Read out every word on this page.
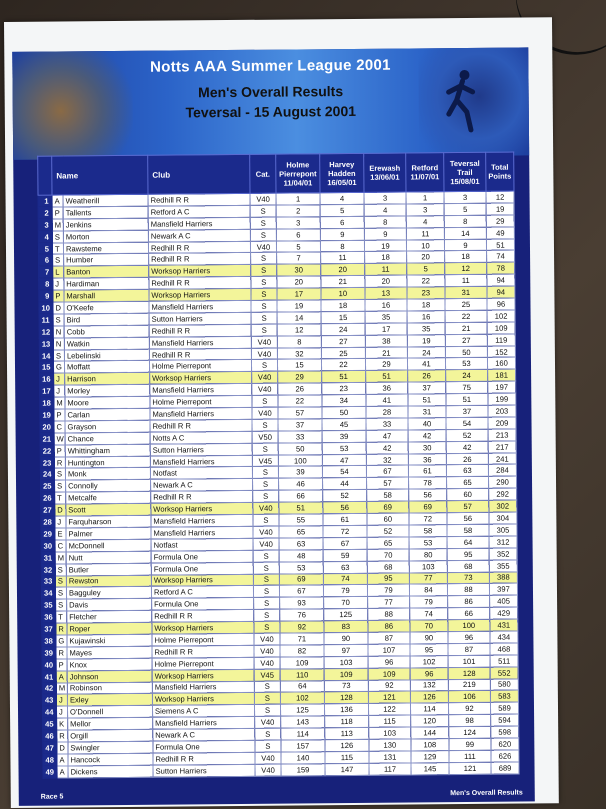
Notts AAA Summer League 2001
Men's Overall Results
Teversal - 15 August 2001
	Name		Club	Cat.	Holme Pierrepont 11/04/01	Harvey Hadden 16/05/01	Erewash 13/06/01	Retford 11/07/01	Teversal Trail 15/08/01	Total Points
1	A	Weatherill	Redhill R R	V40	1	4	3	1	3	12
2	P	Tallents	Retford A C	S	2	5	4	3	5	19
3	M	Jenkins	Mansfield Harriers	S	3	6	8	4	8	29
4	S	Morton	Newark A C	S	6	9	9	11	14	49
5	T	Rawsteme	Redhill R R	V40	5	8	19	10	9	51
6	S	Humber	Redhill R R	S	7	11	18	20	18	74
7	L	Banton	Worksop Harriers	S	30	20	11	5	12	78
8	J	Hardiman	Redhill R R	S	20	21	20	22	11	94
9	P	Marshall	Worksop Harriers	S	17	10	13	23	31	94
10	D	O'Keefe	Mansfield Harriers	S	19	18	16	18	25	96
11	S	Bird	Sutton Harriers	S	14	15	35	16	22	102
12	N	Cobb	Redhill R R	S	12	24	17	35	21	109
13	N	Watkin	Mansfield Harriers	V40	8	27	38	19	27	119
14	S	Lebelinski	Redhill R R	V40	32	25	21	24	50	152
15	G	Moffatt	Holme Pierrepont	S	15	22	29	41	53	160
16	J	Harrison	Worksop Harriers	V40	29	51	51	26	24	181
17	J	Morley	Mansfield Harriers	V40	26	23	36	37	75	197
18	M	Moore	Holme Pierrepont	S	22	34	41	51	51	199
19	P	Carlan	Mansfield Harriers	V40	57	50	28	31	37	203
20	C	Grayson	Redhill R R	S	37	45	33	40	54	209
21	W	Chance	Notts A C	V50	33	39	47	42	52	213
22	P	Whittingham	Sutton Harriers	S	50	53	42	30	42	217
23	R	Huntington	Mansfield Harriers	V45	100	47	32	36	26	241
24	S	Monk	Notfast	S	39	54	67	61	63	284
25	S	Connolly	Newark A C	S	46	44	57	78	65	290
26	T	Metcalfe	Redhill R R	S	66	52	58	56	60	292
27	D	Scott	Worksop Harriers	V40	51	56	69	69	57	302
28	J	Farquharson	Mansfield Harriers	S	55	61	60	72	56	304
29	E	Palmer	Mansfield Harriers	V40	65	72	52	58	58	305
30	C	McDonnell	Notfast	V40	63	67	65	53	64	312
31	M	Nutt	Formula One	S	48	59	70	80	95	352
32	S	Butler	Formula One	S	53	63	68	103	68	355
33	S	Rewston	Worksop Harriers	S	69	74	95	77	73	388
34	S	Bagguley	Retford A C	S	67	79	79	84	88	397
35	S	Davis	Formula One	S	93	70	77	79	86	405
36	T	Fletcher	Redhill R R	S	76	125	88	74	66	429
37	R	Roper	Worksop Harriers	S	92	83	86	70	100	431
38	G	Kujawinski	Holme Pierrepont	V40	71	90	87	90	96	434
39	R	Mayes	Redhill R R	V40	82	97	107	95	87	468
40	P	Knox	Holme Pierrepont	V40	109	103	96	102	101	511
41	A	Johnson	Worksop Harriers	V45	110	109	109	96	128	552
42	M	Robinson	Mansfield Harriers	S	64	73	92	132	219	580
43	J	Exley	Worksop Harriers	S	102	128	121	126	106	583
44	J	O'Donnell	Siemens A C	S	125	136	122	114	92	589
45	K	Mellor	Mansfield Harriers	V40	143	118	115	120	98	594
46	R	Orgill	Newark A C	S	114	113	103	144	124	598
47	D	Swingler	Formula One	S	157	126	130	108	99	620
48	A	Hancock	Redhill R R	V40	140	115	131	129	111	626
49	A	Dickens	Sutton Harriers	V40	159	147	117	145	121	689
Race 5	Men's Overall Results
